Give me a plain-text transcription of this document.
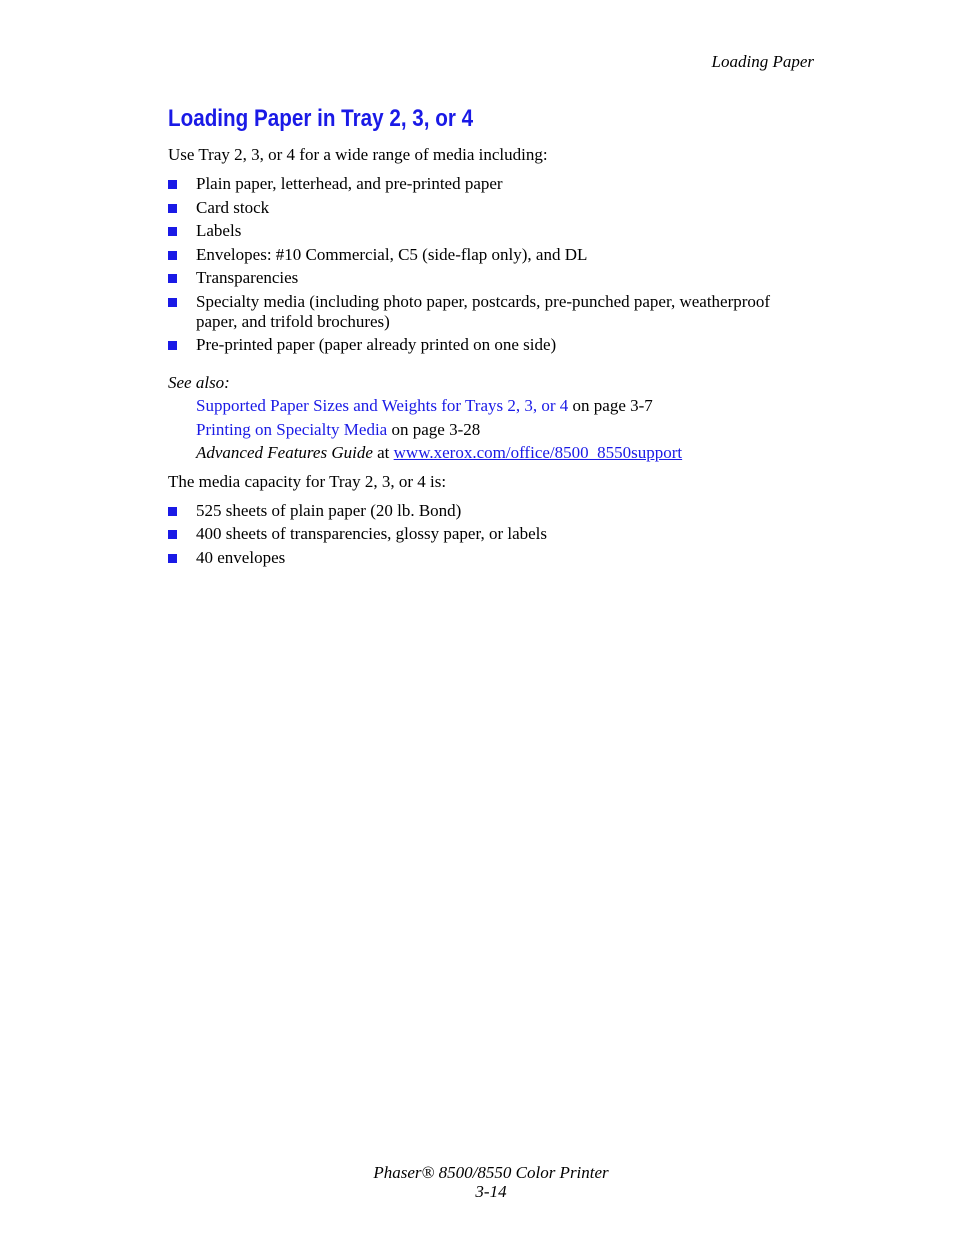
Loading Paper
Loading Paper in Tray 2, 3, or 4

Use Tray 2, 3, or 4 for a wide range of media including:

Plain paper, letterhead, and pre-printed paper
Card stock
Labels
Envelopes: #10 Commercial, C5 (side-flap only), and DL
Transparencies
Specialty media (including photo paper, postcards, pre-punched paper, weatherproof paper, and trifold brochures)
Pre-printed paper (paper already printed on one side)
See also:
Supported Paper Sizes and Weights for Trays 2, 3, or 4 on page 3-7
Printing on Specialty Media on page 3-28
Advanced Features Guide at www.xerox.com/office/8500_8550support

The media capacity for Tray 2, 3, or 4 is:

525 sheets of plain paper (20 lb. Bond)
400 sheets of transparencies, glossy paper, or labels
40 envelopes
Phaser® 8500/8550 Color Printer
3-14
